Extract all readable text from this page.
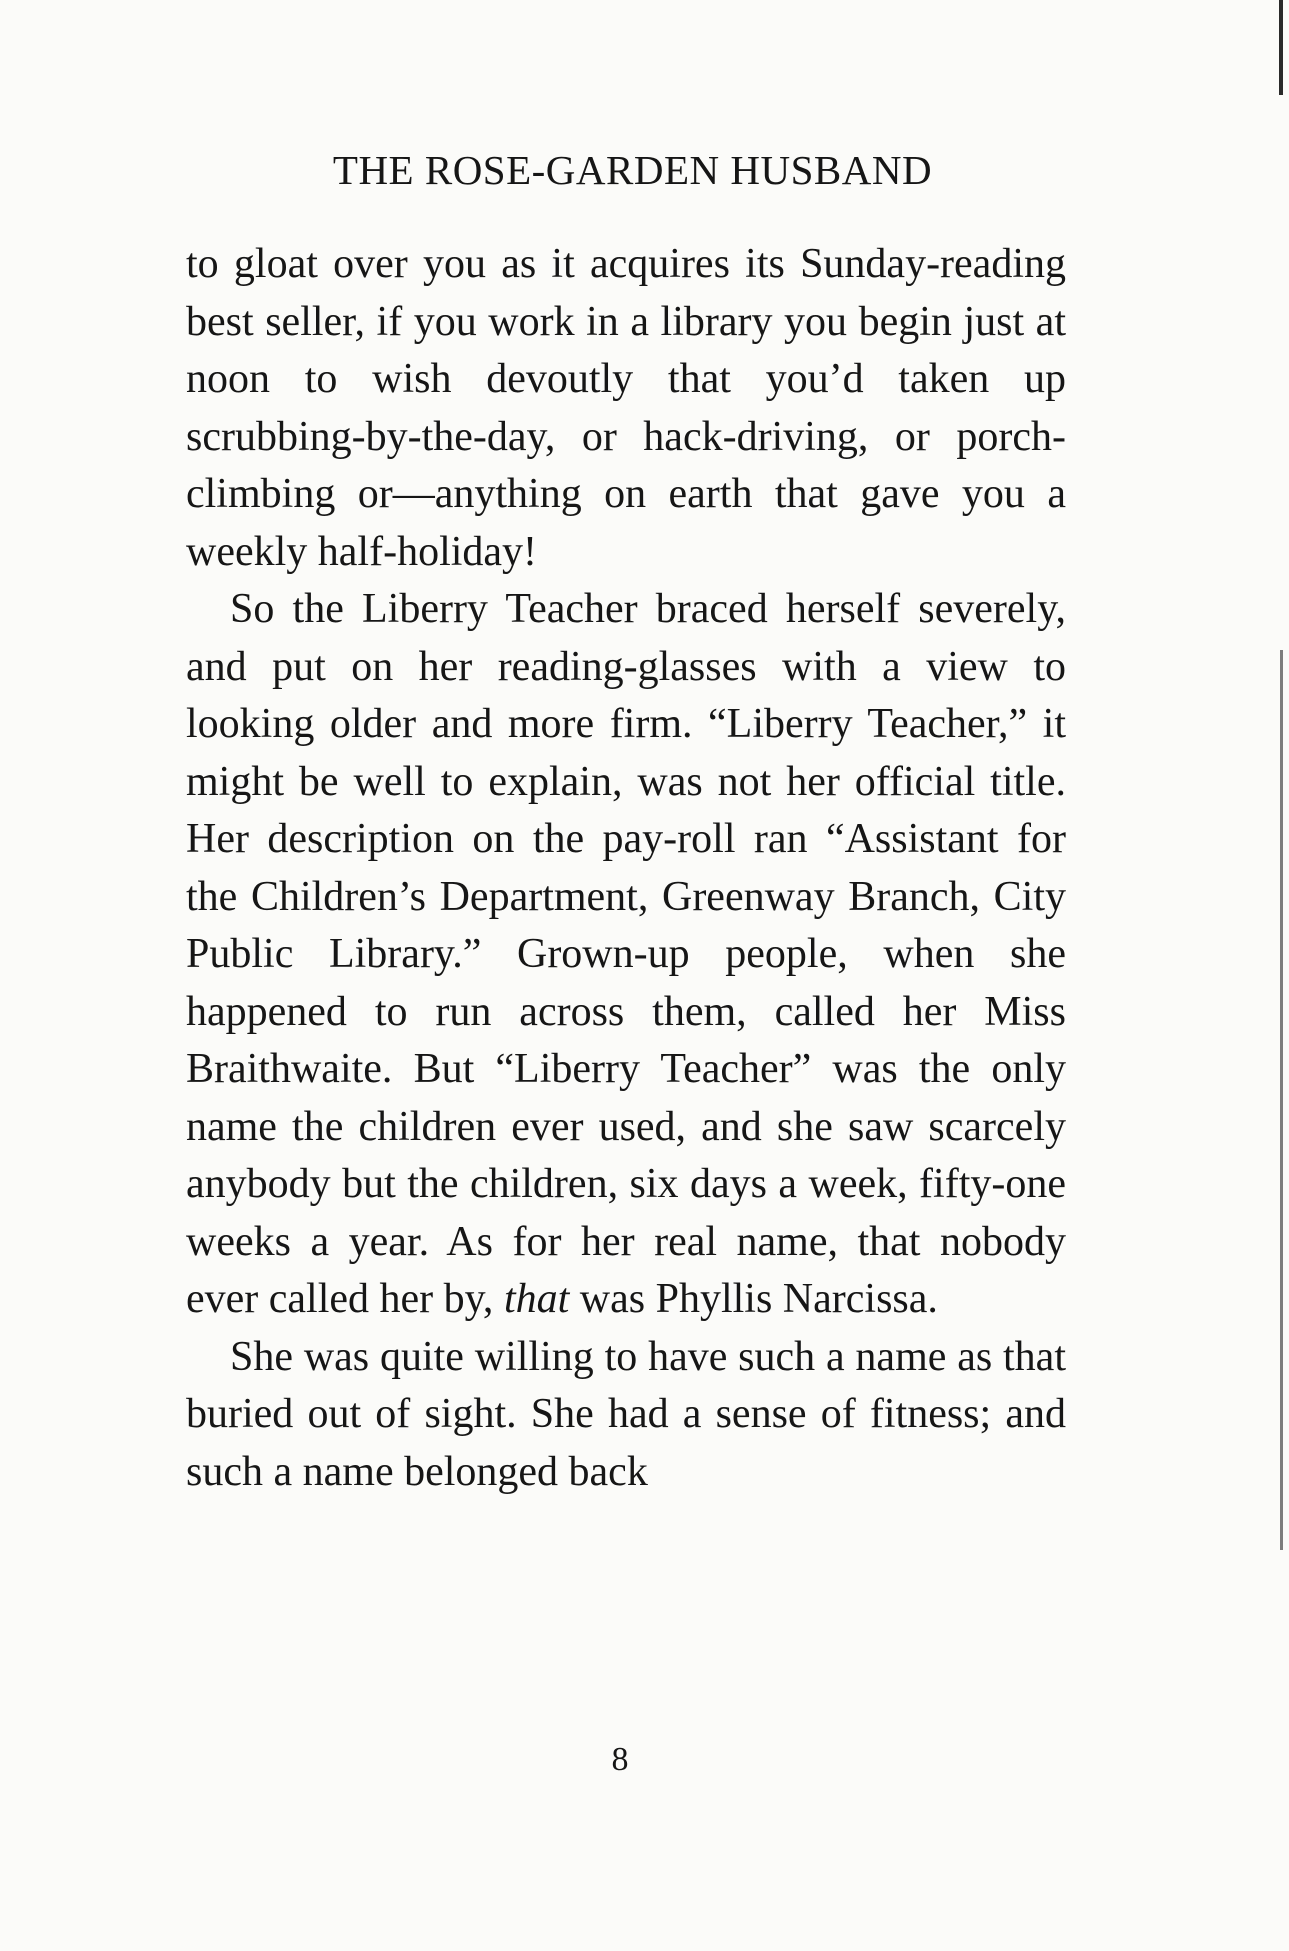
THE ROSE-GARDEN HUSBAND

to gloat over you as it acquires its Sunday-reading best seller, if you work in a library you begin just at noon to wish devoutly that you’d taken up scrubbing-by-the-day, or hack-driving, or porch-climbing or—anything on earth that gave you a weekly half-holiday!

So the Liberry Teacher braced herself severely, and put on her reading-glasses with a view to looking older and more firm. “Liberry Teacher,” it might be well to explain, was not her official title. Her description on the pay-roll ran “Assistant for the Children’s Department, Greenway Branch, City Public Library.” Grown-up people, when she happened to run across them, called her Miss Braithwaite. But “Liberry Teacher” was the only name the children ever used, and she saw scarcely anybody but the children, six days a week, fifty-one weeks a year. As for her real name, that nobody ever called her by, that was Phyllis Narcissa.

She was quite willing to have such a name as that buried out of sight. She had a sense of fitness; and such a name belonged back

8
